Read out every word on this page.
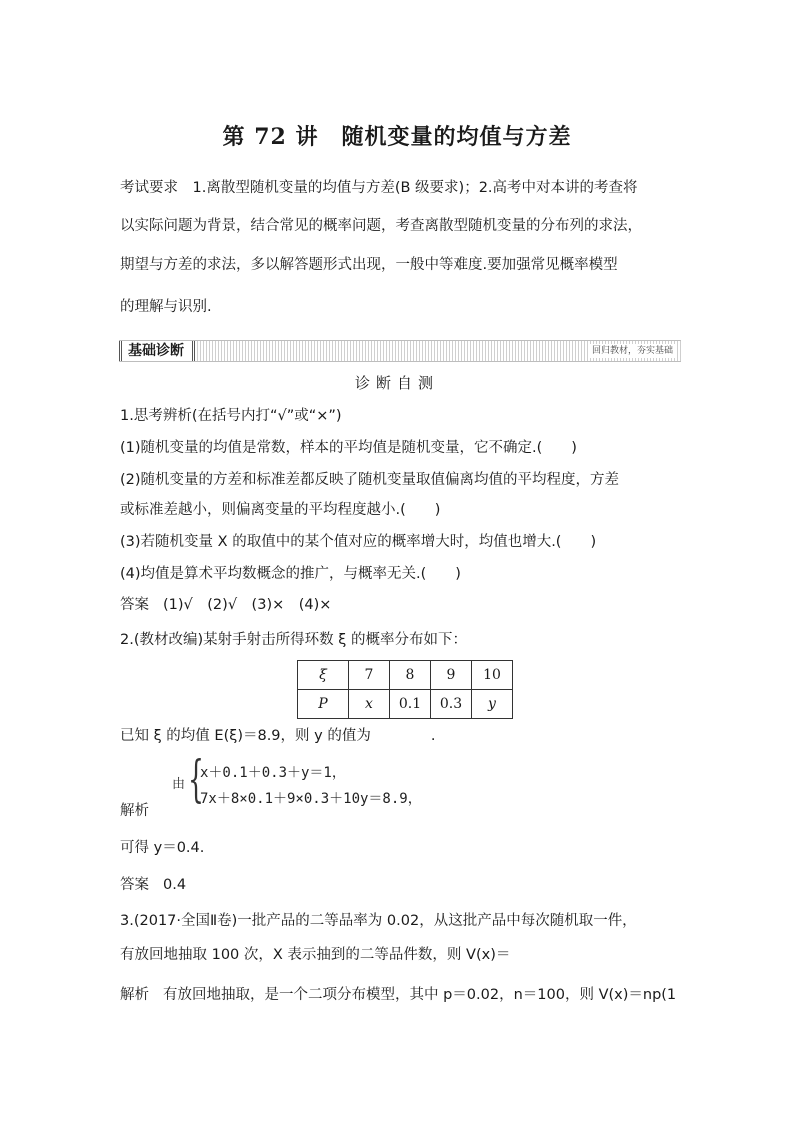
第 72 讲　随机变量的均值与方差
考试要求　1.离散型随机变量的均值与方差(B 级要求)；2.高考中对本讲的考查将
以实际问题为背景，结合常见的概率问题，考查离散型随机变量的分布列的求法，
期望与方差的求法，多以解答题形式出现，一般中等难度.要加强常见概率模型
的理解与识别.
基础诊断	回归教材，夯实基础
诊断自测
1.思考辨析(在括号内打“√”或“×”)
(1)随机变量的均值是常数，样本的平均值是随机变量，它不确定.(　　)
(2)随机变量的方差和标准差都反映了随机变量取值偏离均值的平均程度，方差
或标准差越小，则偏离变量的平均程度越小.(　　)
(3)若随机变量 X 的取值中的某个值对应的概率增大时，均值也增大.(　　)
(4)均值是算术平均数概念的推广，与概率无关.(　　)
答案 (1)√　(2)√　(3)×　(4)×
2.(教材改编)某射手射击所得环数 ξ 的概率分布如下：
ξ	7	8	9	10
P	x	0.1	0.3	y
已知 ξ 的均值 E(ξ)＝8.9，则 y 的值为	.
由 {
x＋0.1＋0.3＋y＝1，
7x＋8×0.1＋9×0.3＋10y＝8.9，
解析
可得 y＝0.4.
答案 0.4
3.(2017·全国Ⅱ卷)一批产品的二等品率为 0.02，从这批产品中每次随机取一件，
有放回地抽取 100 次，X 表示抽到的二等品件数，则 V(x)＝
解析 有放回地抽取，是一个二项分布模型，其中 p＝0.02，n＝100，则 V(x)＝np(1
